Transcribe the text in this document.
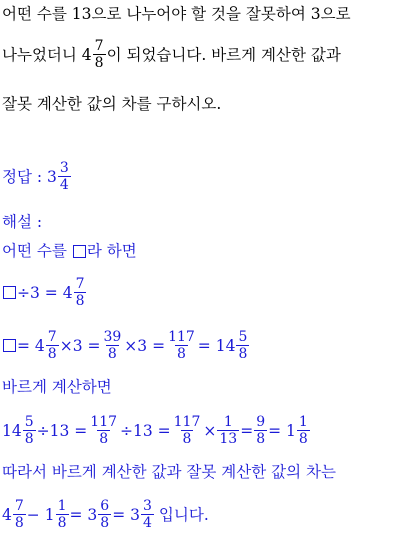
어떤 수를 13으로 나누어야 할 것을 잘못하여 3으로
나누었더니 $4 \frac{7}{8}$ 이 되었습니다. 바르게 계산한 값과
잘못 계산한 값의 차를 구하시오.
정답 : $3 \frac{3}{4}$
해설 :
어떤 수를 라 하면
$\div 3 = 4 \frac{7}{8}$
= $4 \frac{7}{8} \times 3 = \frac{39}{8} \times 3 = \frac{117}{8} = 14 \frac{5}{8}$
바르게 계산하면
$14 \frac{5}{8} \div 13 = \frac{117}{8} \div 13 = \frac{117}{8} \times \frac{1}{13} = \frac{9}{8} = 1 \frac{1}{8}$
따라서 바르게 계산한 값과 잘못 계산한 값의 차는
$4 \frac{7}{8} - 1 \frac{1}{8} = 3 \frac{6}{8} = 3 \frac{3}{4}$ 입니다.
